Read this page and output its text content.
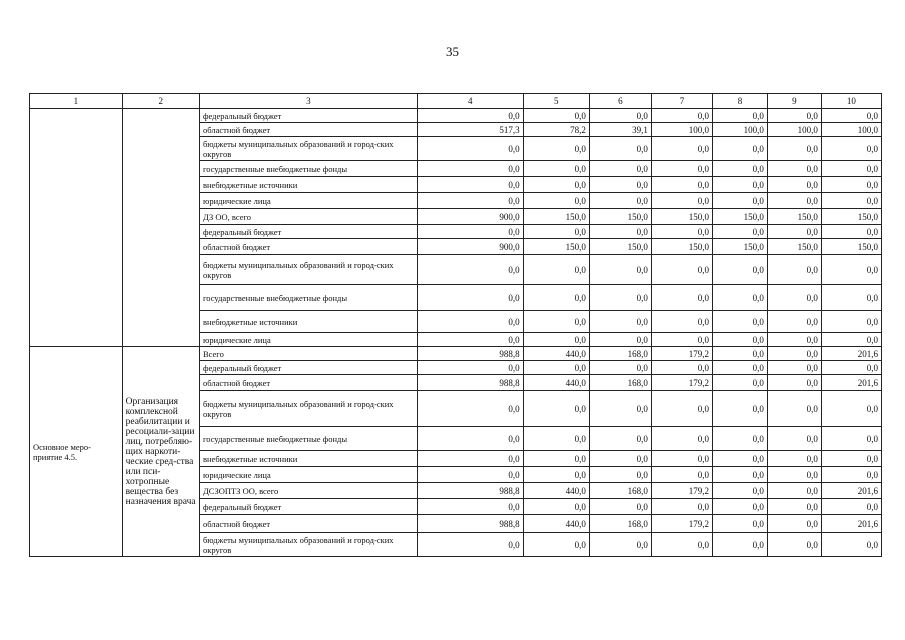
35
1	2	3	4	5	6	7	8	9	10
		федеральный бюджет	0,0	0,0	0,0	0,0	0,0	0,0	0,0
		областной бюджет	517,3	78,2	39,1	100,0	100,0	100,0	100,0
		бюджеты муниципальных образований и город-ских округов	0,0	0,0	0,0	0,0	0,0	0,0	0,0
		государственные внебюджетные фонды	0,0	0,0	0,0	0,0	0,0	0,0	0,0
		внебюджетные источники	0,0	0,0	0,0	0,0	0,0	0,0	0,0
		юридические лица	0,0	0,0	0,0	0,0	0,0	0,0	0,0
		ДЗ ОО, всего	900,0	150,0	150,0	150,0	150,0	150,0	150,0
		федеральный бюджет	0,0	0,0	0,0	0,0	0,0	0,0	0,0
		областной бюджет	900,0	150,0	150,0	150,0	150,0	150,0	150,0
		бюджеты муниципальных образований и город-ских округов	0,0	0,0	0,0	0,0	0,0	0,0	0,0
		государственные внебюджетные фонды	0,0	0,0	0,0	0,0	0,0	0,0	0,0
		внебюджетные источники	0,0	0,0	0,0	0,0	0,0	0,0	0,0
		юридические лица	0,0	0,0	0,0	0,0	0,0	0,0	0,0
Основное меро-приятие 4.5.	Организация комплексной реабилитации и ресоциали-зации лиц, потребляю-щих наркоти-ческие сред-ства или пси-хотропные вещества без назначения врача	Всего	988,8	440,0	168,0	179,2	0,0	0,0	201,6
		федеральный бюджет	0,0	0,0	0,0	0,0	0,0	0,0	0,0
		областной бюджет	988,8	440,0	168,0	179,2	0,0	0,0	201,6
		бюджеты муниципальных образований и город-ских округов	0,0	0,0	0,0	0,0	0,0	0,0	0,0
		государственные внебюджетные фонды	0,0	0,0	0,0	0,0	0,0	0,0	0,0
		внебюджетные источники	0,0	0,0	0,0	0,0	0,0	0,0	0,0
		юридические лица	0,0	0,0	0,0	0,0	0,0	0,0	0,0
		ДСЗОПТЗ ОО, всего	988,8	440,0	168,0	179,2	0,0	0,0	201,6
		федеральный бюджет	0,0	0,0	0,0	0,0	0,0	0,0	0,0
		областной бюджет	988,8	440,0	168,0	179,2	0,0	0,0	201,6
		бюджеты муниципальных образований и город-ских округов	0,0	0,0	0,0	0,0	0,0	0,0	0,0
